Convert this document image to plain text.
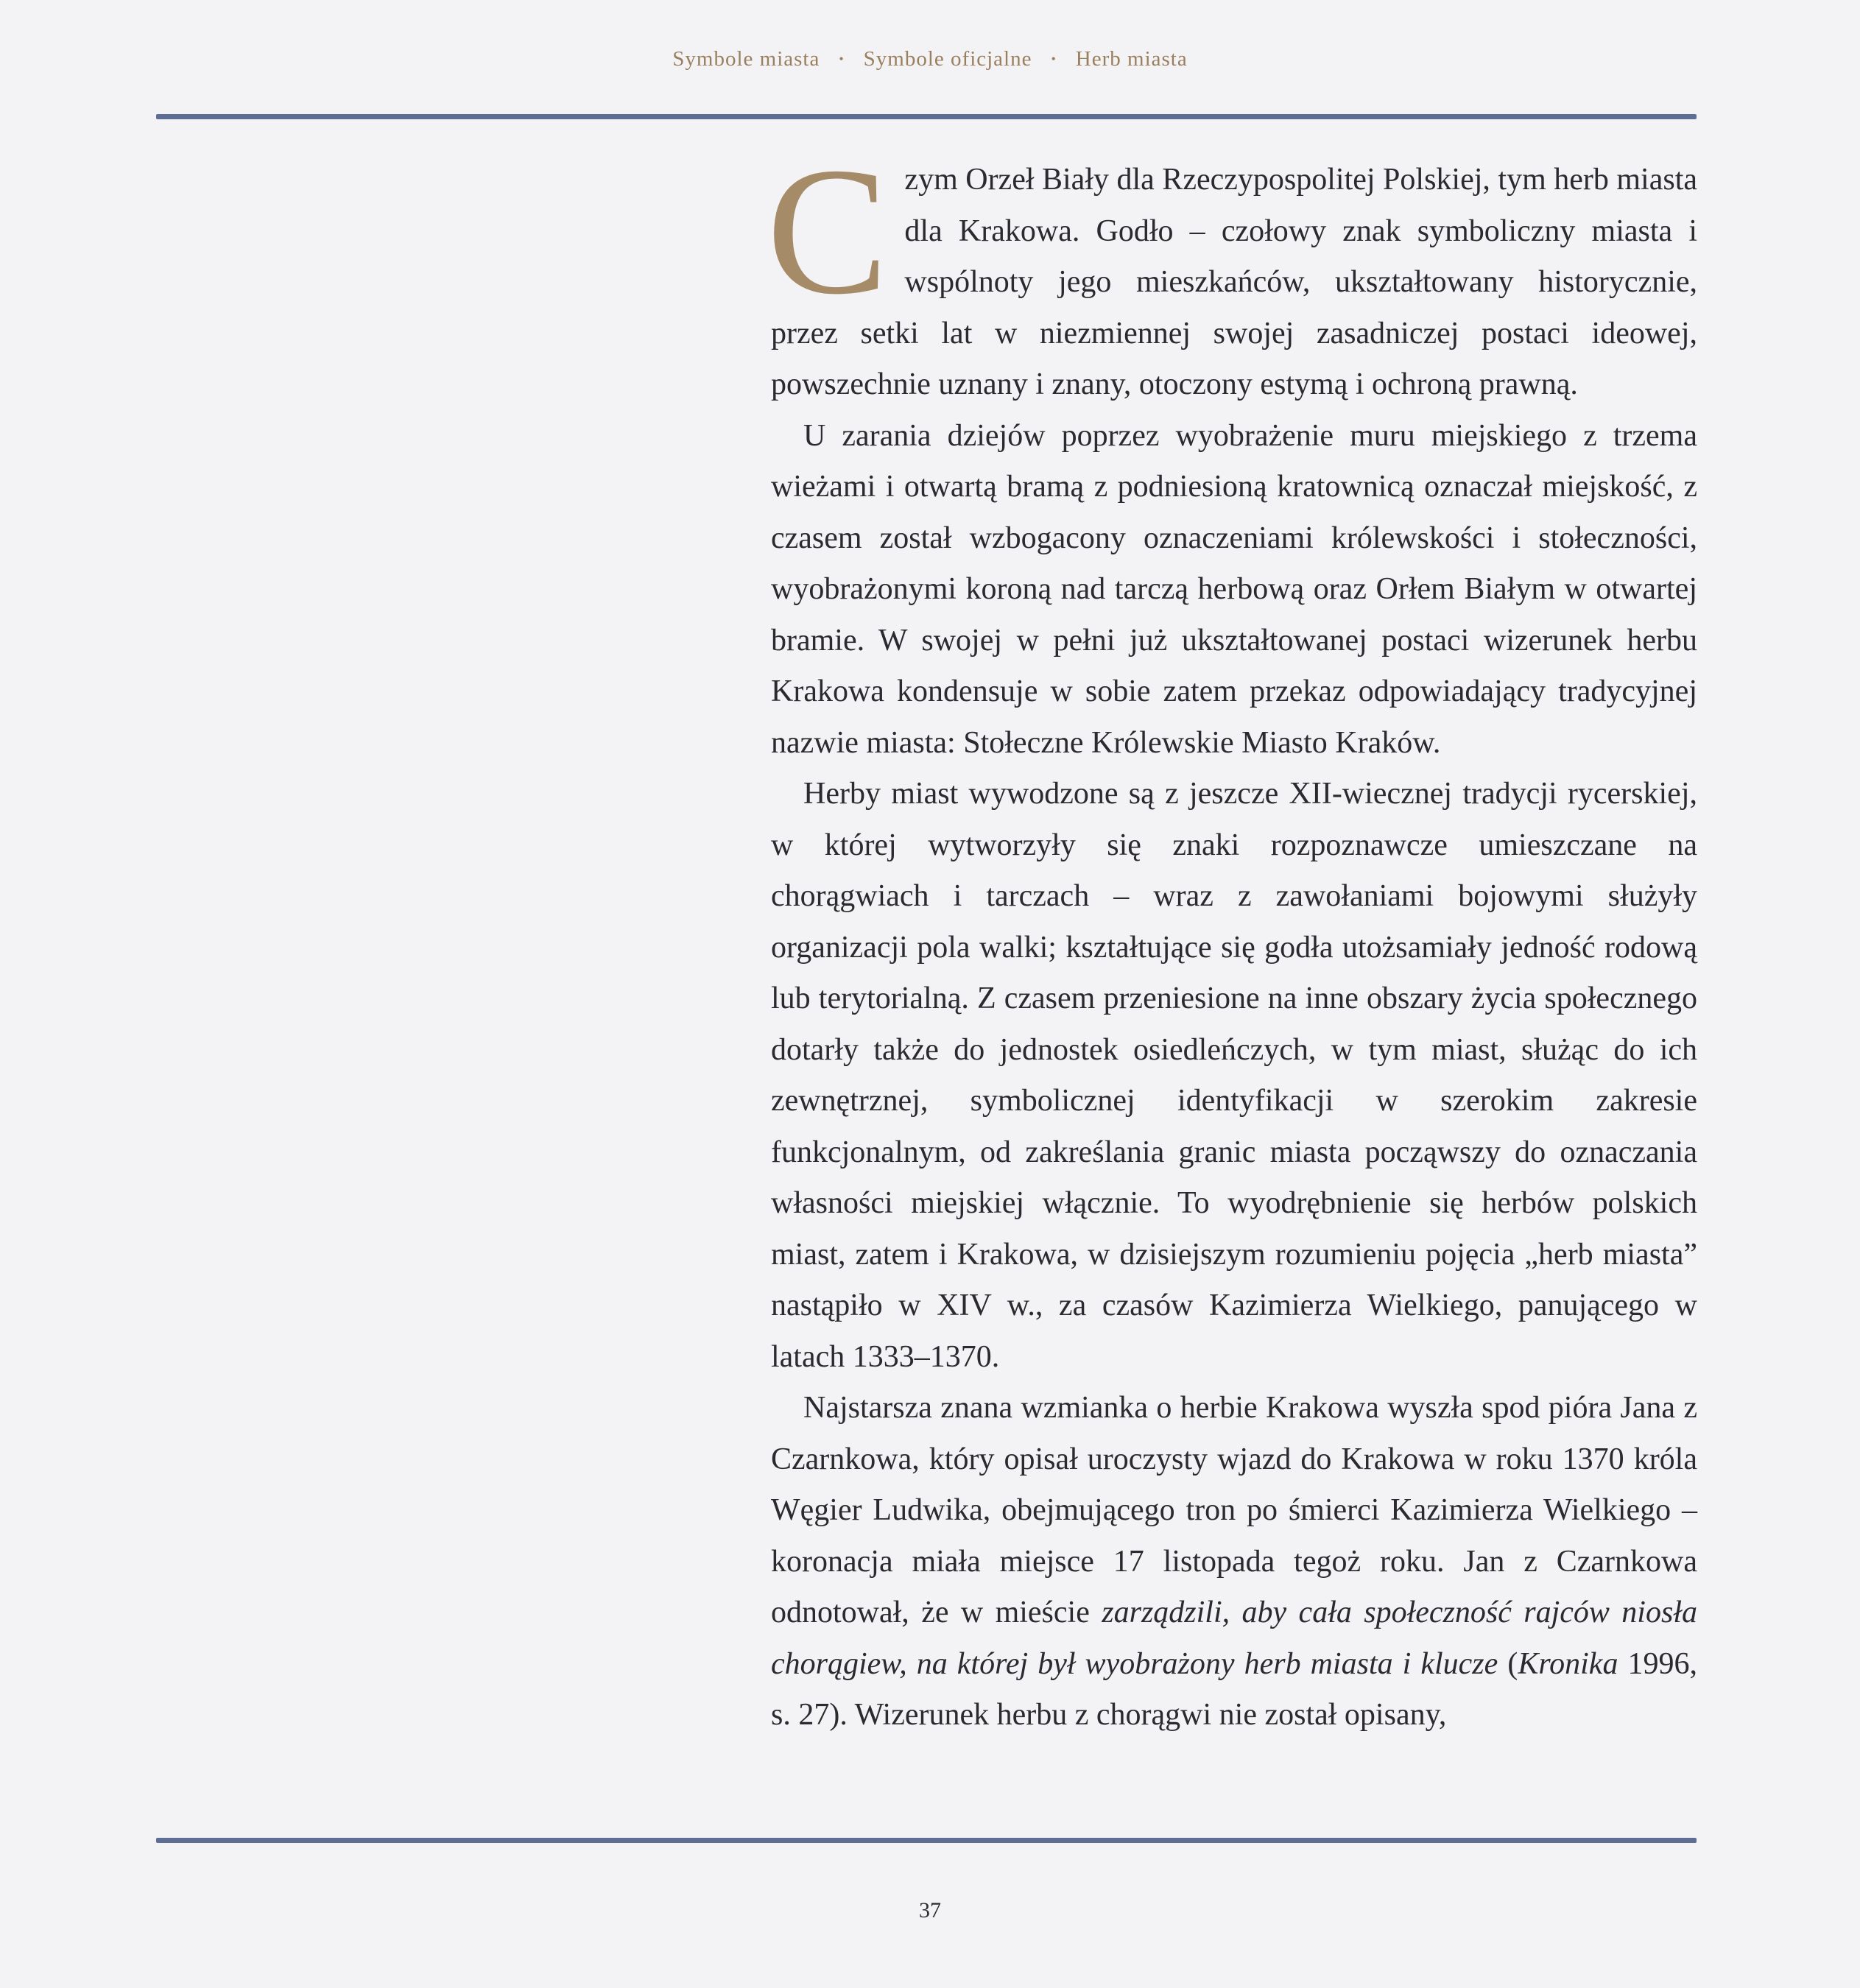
Symbole miasta • Symbole oficjalne • Herb miasta

Czym Orzeł Biały dla Rzeczypospolitej Polskiej, tym herb miasta dla Krakowa. Godło – czołowy znak symboliczny miasta i wspólnoty jego mieszkańców, ukształtowany historycznie, przez setki lat w niezmiennej swojej zasadniczej postaci ideowej, powszechnie uznany i znany, otoczony estymą i ochroną prawną.

U zarania dziejów poprzez wyobrażenie muru miejskiego z trzema wieżami i otwartą bramą z podniesioną kratownicą oznaczał miejskość, z czasem został wzbogacony oznaczeniami królewskości i stołeczności, wyobrażonymi koroną nad tarczą herbową oraz Orłem Białym w otwartej bramie. W swojej w pełni już ukształtowanej postaci wizerunek herbu Krakowa kondensuje w sobie zatem przekaz odpowiadający tradycyjnej nazwie miasta: Stołeczne Królewskie Miasto Kraków.

Herby miast wywodzone są z jeszcze XII-wiecznej tradycji rycerskiej, w której wytworzyły się znaki rozpoznawcze umieszczane na chorągwiach i tarczach – wraz z zawołaniami bojowymi służyły organizacji pola walki; kształtujące się godła utożsamiały jedność rodową lub terytorialną. Z czasem przeniesione na inne obszary życia społecznego dotarły także do jednostek osiedleńczych, w tym miast, służąc do ich zewnętrznej, symbolicznej identyfikacji w szerokim zakresie funkcjonalnym, od zakreślania granic miasta począwszy do oznaczania własności miejskiej włącznie. To wyodrębnienie się herbów polskich miast, zatem i Krakowa, w dzisiejszym rozumieniu pojęcia „herb miasta” nastąpiło w XIV w., za czasów Kazimierza Wielkiego, panującego w latach 1333–1370.

Najstarsza znana wzmianka o herbie Krakowa wyszła spod pióra Jana z Czarnkowa, który opisał uroczysty wjazd do Krakowa w roku 1370 króla Węgier Ludwika, obejmującego tron po śmierci Kazimierza Wielkiego – koronacja miała miejsce 17 listopada tegoż roku. Jan z Czarnkowa odnotował, że w mieście zarządzili, aby cała społeczność rajców niosła chorągiew, na której był wyobrażony herb miasta i klucze (Kronika 1996, s. 27). Wizerunek herbu z chorągwi nie został opisany,

37
